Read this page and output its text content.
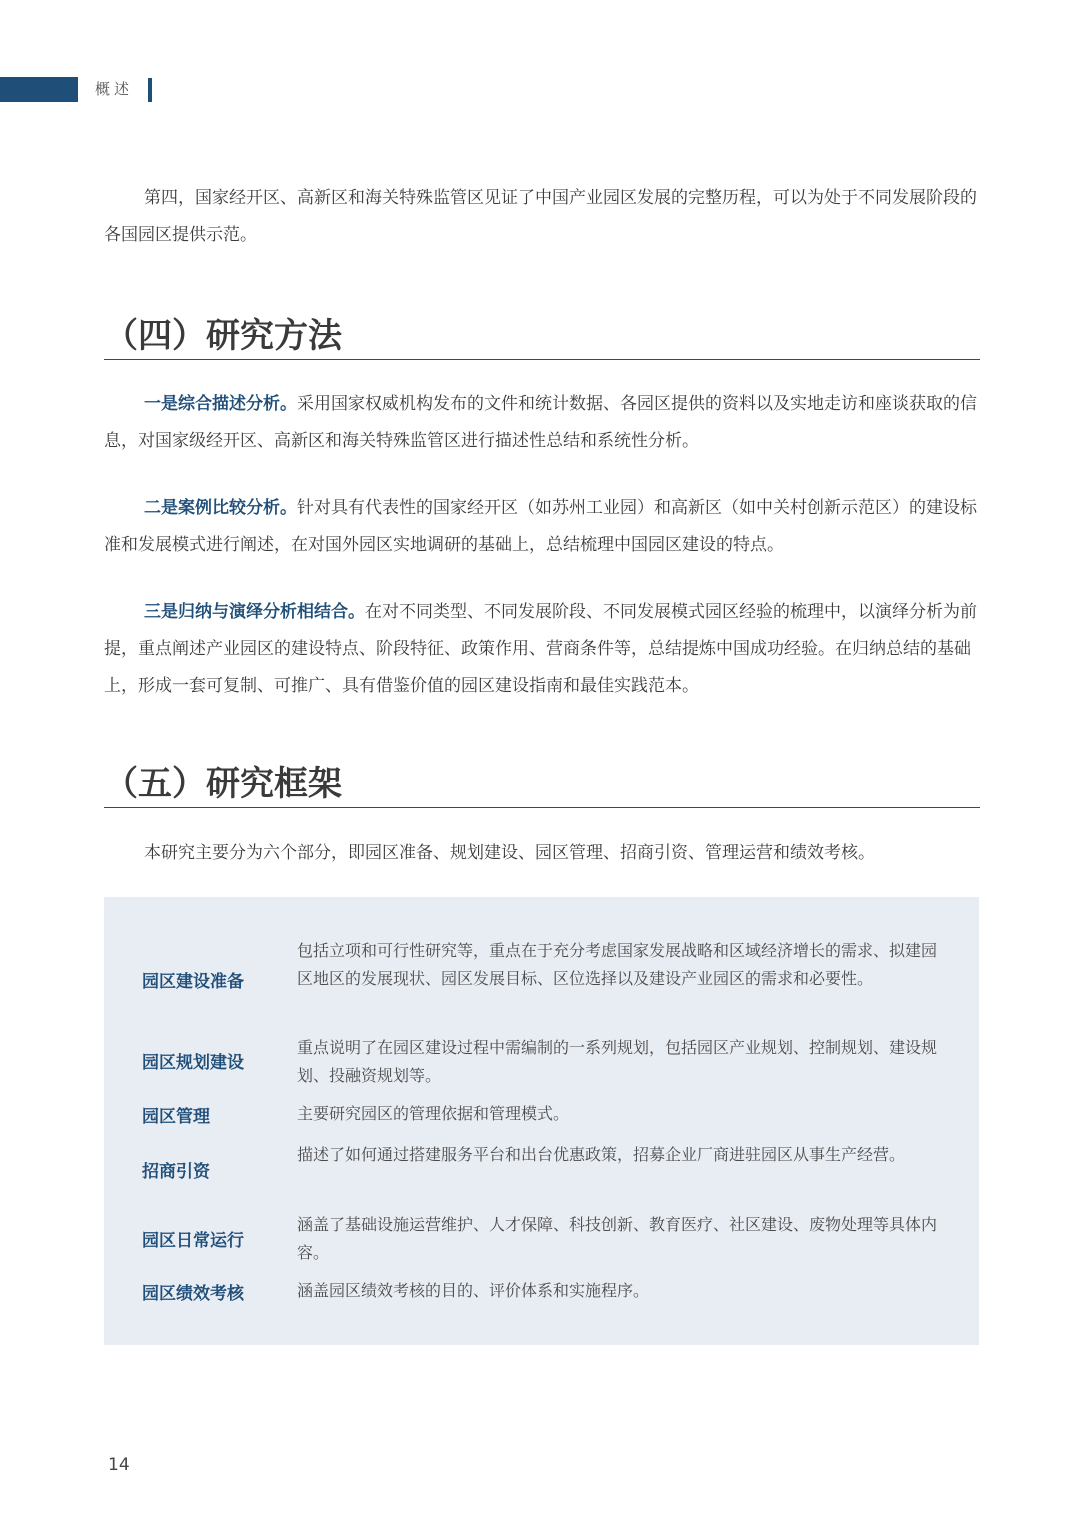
概述

第四，国家经开区、高新区和海关特殊监管区见证了中国产业园区发展的完整历程，可以为处于不同发展阶段的各国园区提供示范。

（四）研究方法

一是综合描述分析。采用国家权威机构发布的文件和统计数据、各园区提供的资料以及实地走访和座谈获取的信息，对国家级经开区、高新区和海关特殊监管区进行描述性总结和系统性分析。

二是案例比较分析。针对具有代表性的国家经开区（如苏州工业园）和高新区（如中关村创新示范区）的建设标准和发展模式进行阐述，在对国外园区实地调研的基础上，总结梳理中国园区建设的特点。

三是归纳与演绎分析相结合。在对不同类型、不同发展阶段、不同发展模式园区经验的梳理中，以演绎分析为前提，重点阐述产业园区的建设特点、阶段特征、政策作用、营商条件等，总结提炼中国成功经验。在归纳总结的基础上，形成一套可复制、可推广、具有借鉴价值的园区建设指南和最佳实践范本。

（五）研究框架

本研究主要分为六个部分，即园区准备、规划建设、园区管理、招商引资、管理运营和绩效考核。

园区建设准备
包括立项和可行性研究等，重点在于充分考虑国家发展战略和区域经济增长的需求、拟建园区地区的发展现状、园区发展目标、区位选择以及建设产业园区的需求和必要性。
园区规划建设
重点说明了在园区建设过程中需编制的一系列规划，包括园区产业规划、控制规划、建设规划、投融资规划等。
园区管理	主要研究园区的管理依据和管理模式。
招商引资
描述了如何通过搭建服务平台和出台优惠政策，招募企业厂商进驻园区从事生产经营。
园区日常运行
涵盖了基础设施运营维护、人才保障、科技创新、教育医疗、社区建设、废物处理等具体内容。
园区绩效考核	涵盖园区绩效考核的目的、评价体系和实施程序。
14
